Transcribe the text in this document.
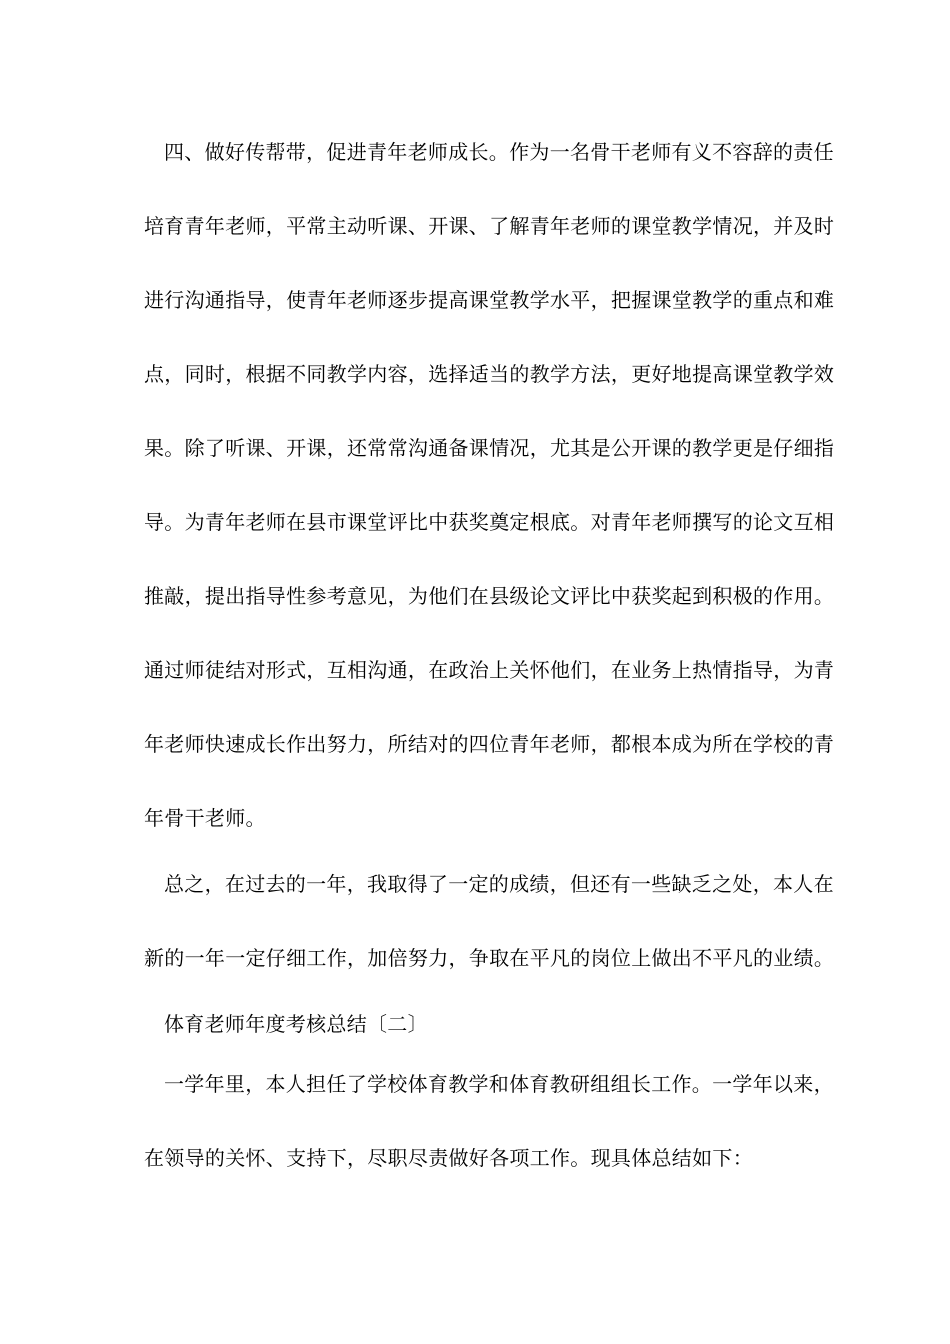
四、做好传帮带，促进青年老师成长。作为一名骨干老师有义不容辞的责任
培育青年老师，平常主动听课、开课、了解青年老师的课堂教学情况，并及时
进行沟通指导，使青年老师逐步提高课堂教学水平，把握课堂教学的重点和难
点，同时，根据不同教学内容，选择适当的教学方法，更好地提高课堂教学效
果。除了听课、开课，还常常沟通备课情况，尤其是公开课的教学更是仔细指
导。为青年老师在县市课堂评比中获奖奠定根底。对青年老师撰写的论文互相
推敲，提出指导性参考意见，为他们在县级论文评比中获奖起到积极的作用。
通过师徒结对形式，互相沟通，在政治上关怀他们，在业务上热情指导，为青
年老师快速成长作出努力，所结对的四位青年老师，都根本成为所在学校的青
年骨干老师。
总之，在过去的一年，我取得了一定的成绩，但还有一些缺乏之处，本人在
新的一年一定仔细工作，加倍努力，争取在平凡的岗位上做出不平凡的业绩。
体育老师年度考核总结〔二〕
一学年里，本人担任了学校体育教学和体育教研组组长工作。一学年以来，
在领导的关怀、支持下，尽职尽责做好各项工作。现具体总结如下：
